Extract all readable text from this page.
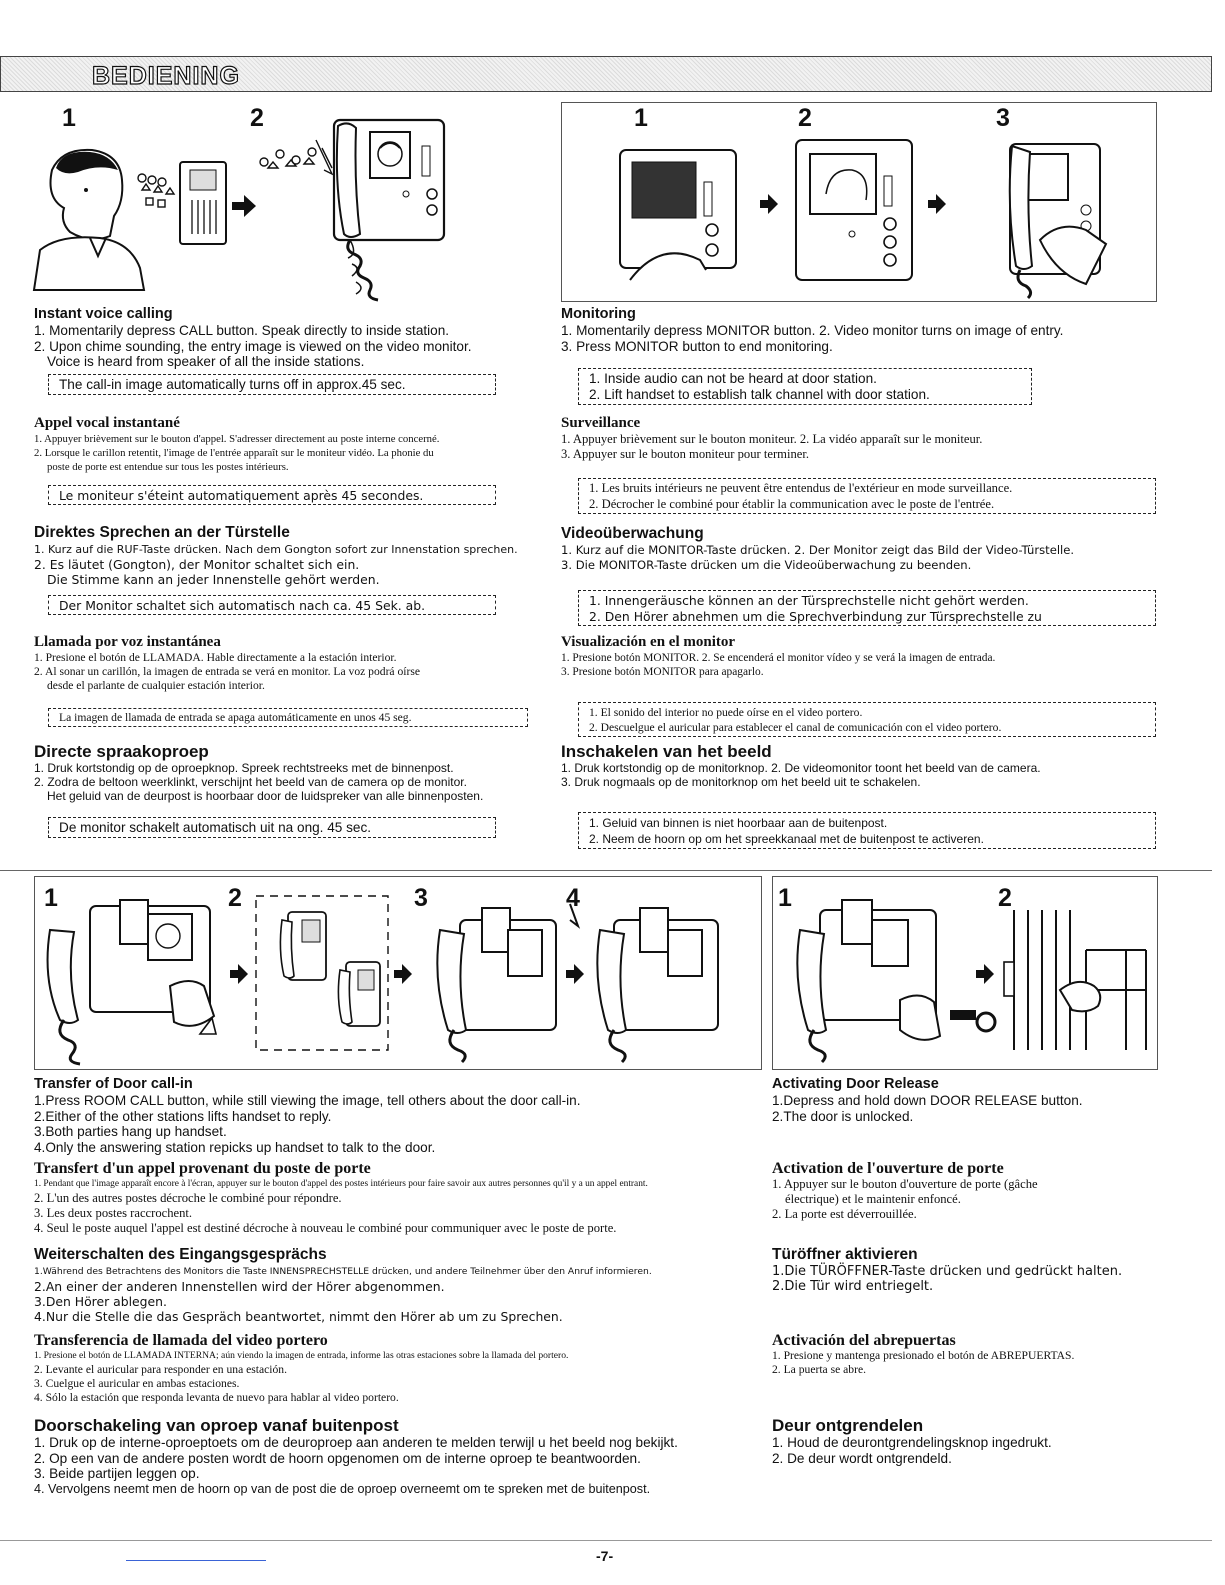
BEDIENING
1	2	1	2	3
Instant voice calling
1. Momentarily depress CALL button. Speak directly to inside station.
2. Upon chime sounding, the entry image is viewed on the video monitor.
Voice is heard from speaker of all the inside stations.
The call-in image automatically turns off in approx.45 sec.
Appel vocal instantané
1. Appuyer brièvement sur le bouton d'appel. S'adresser directement au poste interne concerné.
2. Lorsque le carillon retentit, l'image de l'entrée apparaît sur le moniteur vidéo. La phonie du
poste de porte est entendue sur tous les postes intérieurs.
Le moniteur s'éteint automatiquement après 45 secondes.
Direktes Sprechen an der Türstelle
1. Kurz auf die RUF-Taste drücken. Nach dem Gongton sofort zur Innenstation sprechen.
2. Es läutet (Gongton), der Monitor schaltet sich ein.
Die Stimme kann an jeder Innenstelle gehört werden.
Der Monitor schaltet sich automatisch nach ca. 45 Sek. ab.
Llamada por voz instantánea
1. Presione el botón de LLAMADA. Hable directamente a la estación interior.
2. Al sonar un carillón, la imagen de entrada se verá en monitor. La voz podrá oírse
desde el parlante de cualquier estación interior.
La imagen de llamada de entrada se apaga automáticamente en unos 45 seg.
Directe spraakoproep
1. Druk kortstondig op de oproepknop. Spreek rechtstreeks met de binnenpost.
2. Zodra de beltoon weerklinkt, verschijnt het beeld van de camera op de monitor.
Het geluid van de deurpost is hoorbaar door de luidspreker van alle binnenposten.
De monitor schakelt automatisch uit na ong. 45 sec.
Monitoring
1. Momentarily depress MONITOR button. 2. Video monitor turns on image of entry.
3. Press MONITOR button to end monitoring.
1. Inside audio can not be heard at door station.
2. Lift handset to establish talk channel with door station.
Surveillance
1. Appuyer brièvement sur le bouton moniteur. 2. La vidéo apparaît sur le moniteur.
3. Appuyer sur le bouton moniteur pour terminer.
1. Les bruits intérieurs ne peuvent être entendus de l'extérieur en mode surveillance.
2. Décrocher le combiné pour établir la communication avec le poste de l'entrée.
Videoüberwachung
1. Kurz auf die MONITOR-Taste drücken. 2. Der Monitor zeigt das Bild der Video-Türstelle.
3. Die MONITOR-Taste drücken um die Videoüberwachung zu beenden.
1. Innengeräusche können an der Türsprechstelle nicht gehört werden.
2. Den Hörer abnehmen um die Sprechverbindung zur Türsprechstelle zu
Visualización en el monitor
1. Presione botón MONITOR. 2. Se encenderá el monitor vídeo y se verá la imagen de entrada.
3. Presione botón MONITOR para apagarlo.
1. El sonido del interior no puede oírse en el video portero.
2. Descuelgue el auricular para establecer el canal de comunicación con el video portero.
Inschakelen van het beeld
1. Druk kortstondig op de monitorknop. 2. De videomonitor toont het beeld van de camera.
3. Druk nogmaals op de monitorknop om het beeld uit te schakelen.
1. Geluid van binnen is niet hoorbaar aan de buitenpost.
2. Neem de hoorn op om het spreekkanaal met de buitenpost te activeren.
1	2	3	4	1	2
Transfer of Door call-in
1.Press ROOM CALL button, while still viewing the image, tell others about the door call-in.
2.Either of the other stations lifts handset to reply.
3.Both parties hang up handset.
4.Only the answering station repicks up handset to talk to the door.
Transfert d'un appel provenant du poste de porte
1. Pendant que l'image apparaît encore à l'écran, appuyer sur le bouton d'appel des postes intérieurs pour faire savoir aux autres personnes qu'il y a un appel entrant.
2. L'un des autres postes décroche le combiné pour répondre.
3. Les deux postes raccrochent.
4. Seul le poste auquel l'appel est destiné décroche à nouveau le combiné pour communiquer avec le poste de porte.
Weiterschalten des Eingangsgesprächs
1.Während des Betrachtens des Monitors die Taste INNENSPRECHSTELLE drücken, und andere Teilnehmer über den Anruf informieren.
2.An einer der anderen Innenstellen wird der Hörer abgenommen.
3.Den Hörer ablegen.
4.Nur die Stelle die das Gespräch beantwortet, nimmt den Hörer ab um zu Sprechen.
Transferencia de llamada del video portero
1. Presione el botón de LLAMADA INTERNA; aún viendo la imagen de entrada, informe las otras estaciones sobre la llamada del portero.
2. Levante el auricular para responder en una estación.
3. Cuelgue el auricular en ambas estaciones.
4. Sólo la estación que responda levanta de nuevo para hablar al video portero.
Doorschakeling van oproep vanaf buitenpost
1. Druk op de interne-oproeptoets om de deuroproep aan anderen te melden terwijl u het beeld nog bekijkt.
2. Op een van de andere posten wordt de hoorn opgenomen om de interne oproep te beantwoorden.
3. Beide partijen leggen op.
4. Vervolgens neemt men de hoorn op van de post die de oproep overneemt om te spreken met de buitenpost.
Activating Door Release
1.Depress and hold down DOOR RELEASE button.
2.The door is unlocked.
Activation de l'ouverture de porte
1. Appuyer sur le bouton d'ouverture de porte (gâche
électrique) et le maintenir enfoncé.
2. La porte est déverrouillée.
Türöffner aktivieren
1.Die TÜRÖFFNER-Taste drücken und gedrückt halten.
2.Die Tür wird entriegelt.
Activación del abrepuertas
1. Presione y mantenga presionado el botón de ABREPUERTAS.
2. La puerta se abre.
Deur ontgrendelen
1. Houd de deurontgrendelingsknop ingedrukt.
2. De deur wordt ontgrendeld.
-7-
